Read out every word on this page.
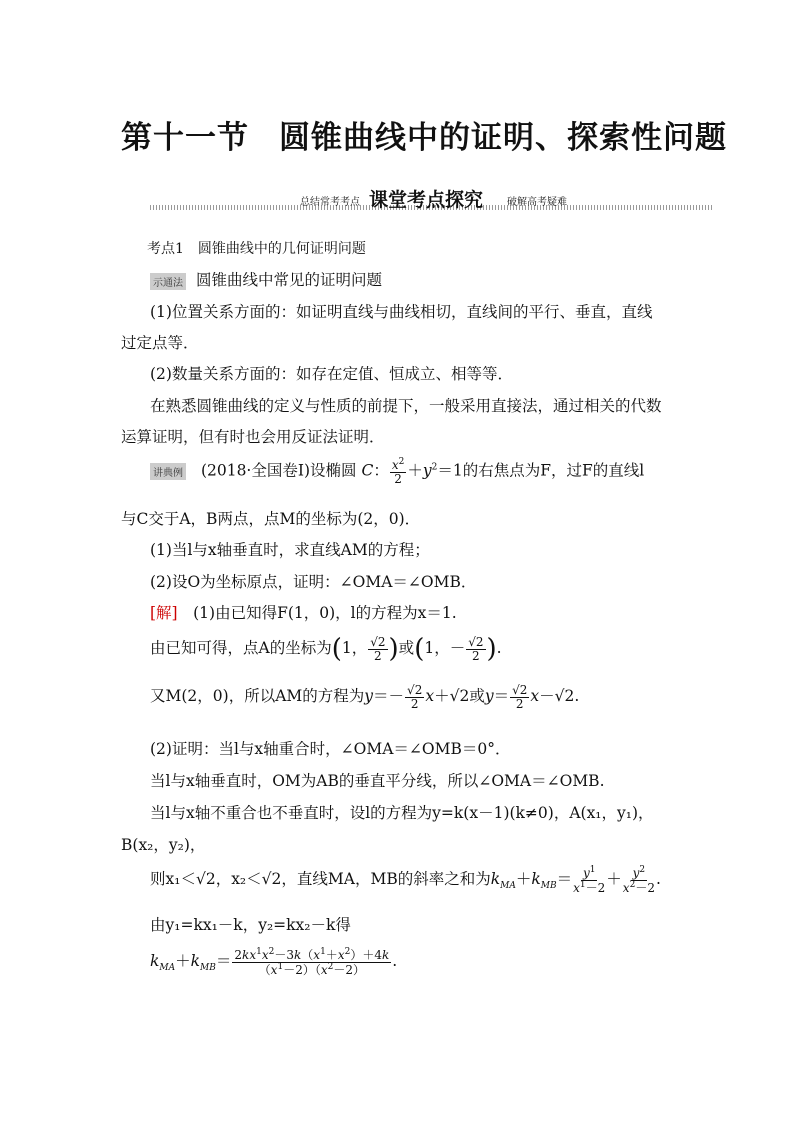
第十一节 圆锥曲线中的证明、探索性问题
总结常考考点 课堂考点探究 破解高考疑难
考点1　圆锥曲线中的几何证明问题
示通法 圆锥曲线中常见的证明问题
(1)位置关系方面的：如证明直线与曲线相切，直线间的平行、垂直，直线
过定点等．
(2)数量关系方面的：如存在定值、恒成立、相等等．
在熟悉圆锥曲线的定义与性质的前提下，一般采用直接法，通过相关的代数
运算证明，但有时也会用反证法证明．
讲典例 (2018·全国卷Ⅰ)设椭圆 C： $\frac{x^2}{2} +y^2=1$的右焦点为F，过F的直线l
与C交于A，B两点，点M的坐标为(2，0)．
(1)当l与x轴垂直时，求直线AM的方程；
(2)设O为坐标原点，证明：∠OMA＝∠OMB．
[解]　 (1)由已知得F(1，0)，l的方程为x＝1.
由已知可得，点A的坐标为(1， $\frac{√2}{2}$ )或(1，－ $\frac{√2}{2}$ ).
又M(2，0)，所以AM的方程为$y=- \frac{√2}{2} x+√2$或$y= \frac{√2}{2} x-√2$.
(2)证明：当l与x轴重合时，∠OMA＝∠OMB＝0°．
当l与x轴垂直时，OM为AB的垂直平分线，所以∠OMA＝∠OMB.
当l与x轴不重合也不垂直时，设l的方程为y=k(x－1)(k≠0)，A(x₁，y₁)，
B(x₂，y₂)，
则x₁＜√2，x₂＜√2，直线MA，MB的斜率之和为$k_{MA}+k_{MB}= \frac{y^1}{x^1-2} + \frac{y^2}{x^2-2}$ .
由y₁=kx₁－k，y₂=kx₂－k得
$k_{MA}+k_{MB}= \frac{2kx^1x^2-3k(x^1+x^2)+4k}{(x^1-2)(x^2-2)}$ .
